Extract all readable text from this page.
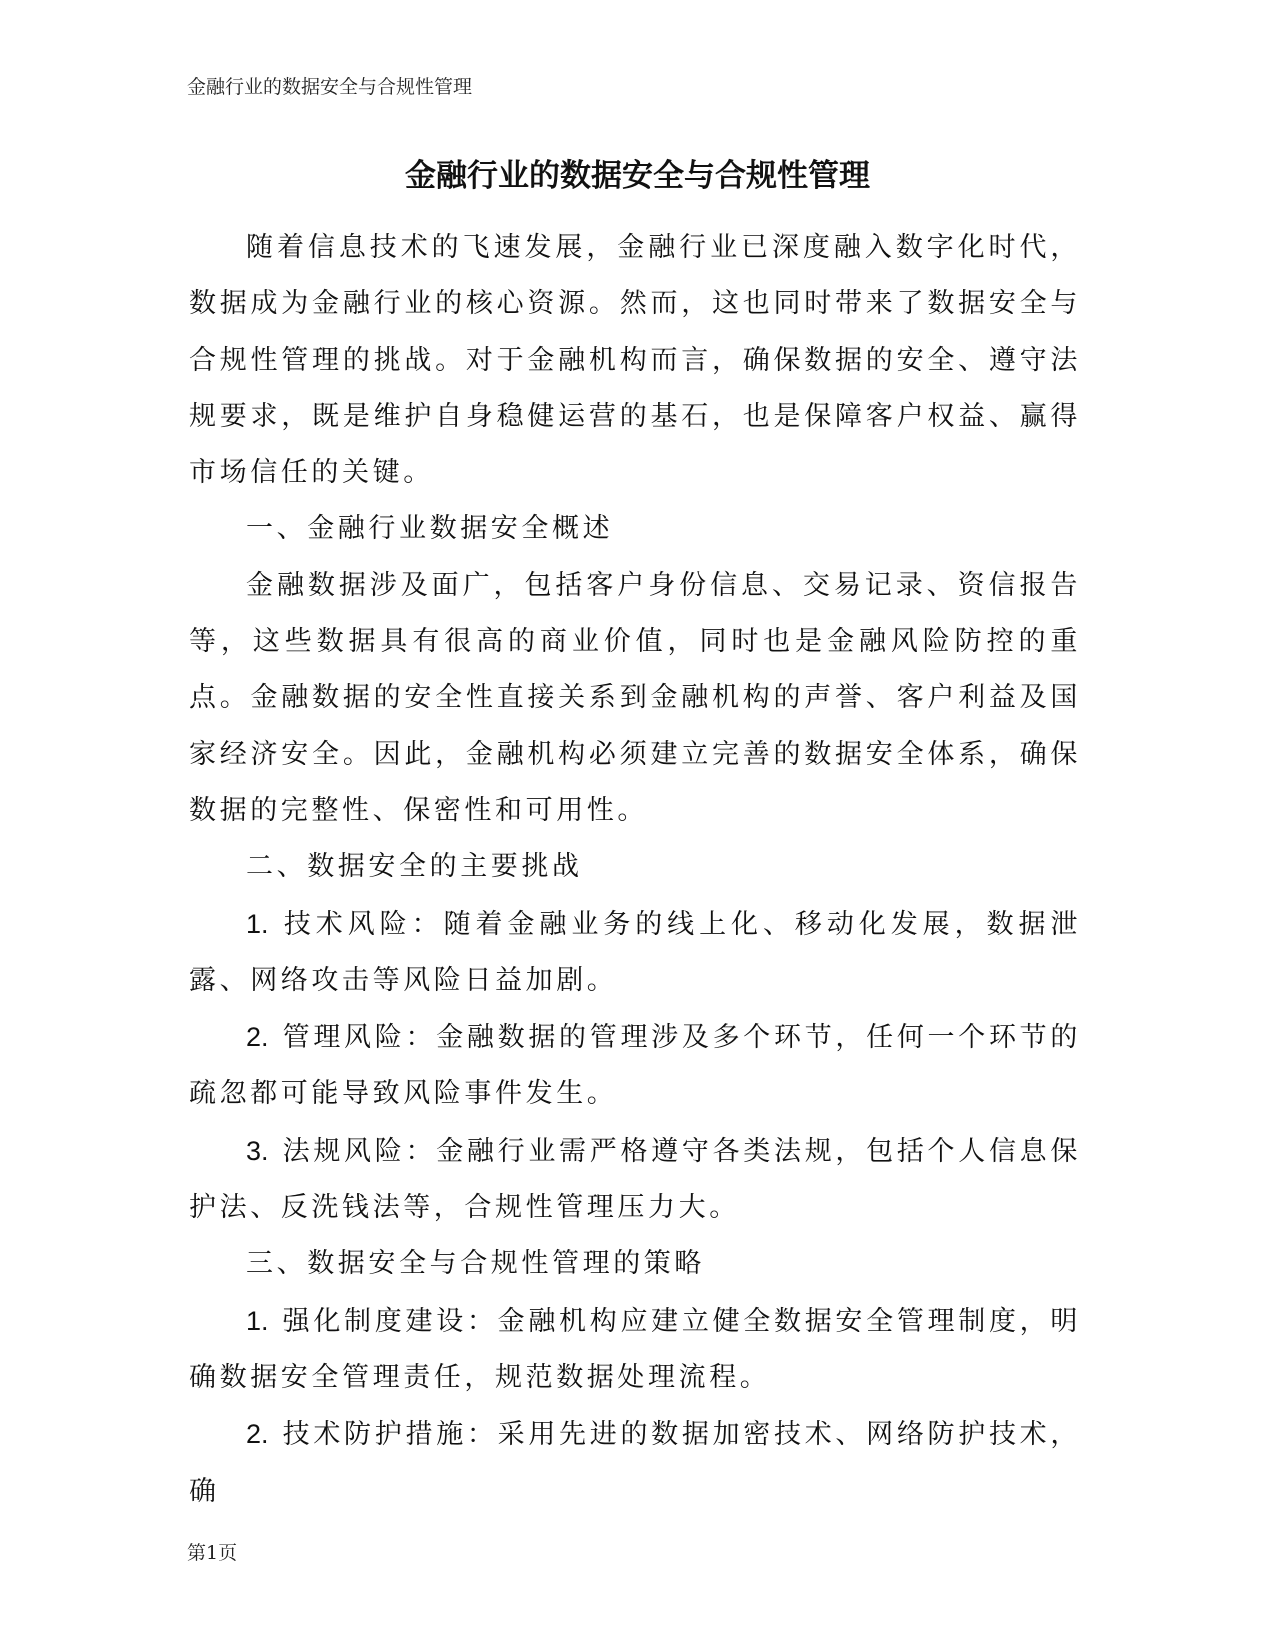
金融行业的数据安全与合规性管理
金融行业的数据安全与合规性管理

随着信息技术的飞速发展，金融行业已深度融入数字化时代，数据成为金融行业的核心资源。然而，这也同时带来了数据安全与合规性管理的挑战。对于金融机构而言，确保数据的安全、遵守法规要求，既是维护自身稳健运营的基石，也是保障客户权益、赢得市场信任的关键。

一、金融行业数据安全概述

金融数据涉及面广，包括客户身份信息、交易记录、资信报告等，这些数据具有很高的商业价值，同时也是金融风险防控的重点。金融数据的安全性直接关系到金融机构的声誉、客户利益及国家经济安全。因此，金融机构必须建立完善的数据安全体系，确保数据的完整性、保密性和可用性。

二、数据安全的主要挑战

1. 技术风险：随着金融业务的线上化、移动化发展，数据泄露、网络攻击等风险日益加剧。

2. 管理风险：金融数据的管理涉及多个环节，任何一个环节的疏忽都可能导致风险事件发生。

3. 法规风险：金融行业需严格遵守各类法规，包括个人信息保护法、反洗钱法等，合规性管理压力大。

三、数据安全与合规性管理的策略

1. 强化制度建设：金融机构应建立健全数据安全管理制度，明确数据安全管理责任，规范数据处理流程。

2. 技术防护措施：采用先进的数据加密技术、网络防护技术，确

第1页
